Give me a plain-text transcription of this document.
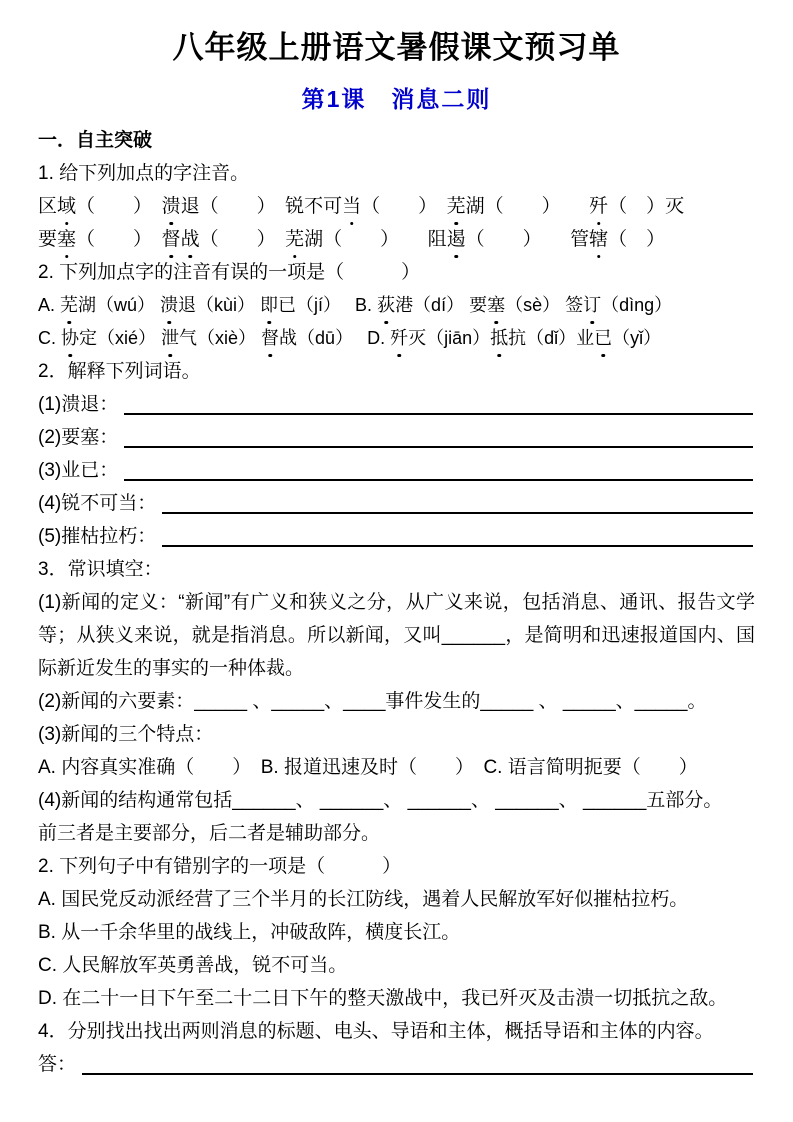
八年级上册语文暑假课文预习单
第1课　消息二则
一．自主突破
1. 给下列加点的字注音。
区域（　　）　溃退（　　）　锐不可当（　　）　芜湖（　　）　　歼（　）灭
要塞（　　）　督战（　　）　芜湖（　　）　　阻遏（　　）　　管辖（　）
2. 下列加点字的注音有误的一项是（　　　）
A. 芜湖（wú） 溃退（kùi） 即已（jí）　 B. 荻港（dí） 要塞（sè） 签订（dìng）
C. 协定（xié） 泄气（xiè） 督战（dū）　 D. 歼灭（jiān）抵抗（dǐ）业已（yǐ）
2．解释下列词语。
(1)溃退：
(2)要塞：
(3)业已：
(4)锐不可当：
(5)摧枯拉朽：
3．常识填空：
(1)新闻的定义：“新闻”有广义和狭义之分，从广义来说，包括消息、通讯、报告文学等；从狭义来说，就是指消息。所以新闻，又叫______，是简明和迅速报道国内、国际新近发生的事实的一种体裁。
(2)新闻的六要素：_____ 、_____、____事件发生的_____ 、 _____、_____。
(3)新闻的三个特点：
A. 内容真实准确（　　）　B. 报道迅速及时（　　）　C. 语言简明扼要（　　）
(4)新闻的结构通常包括______、 ______、 ______、 ______、 ______五部分。
前三者是主要部分，后二者是辅助部分。
2. 下列句子中有错别字的一项是（　　　）
A. 国民党反动派经营了三个半月的长江防线，遇着人民解放军好似摧枯拉朽。
B. 从一千余华里的战线上，冲破敌阵，横度长江。
C. 人民解放军英勇善战，锐不可当。
D. 在二十一日下午至二十二日下午的整天激战中，我已歼灭及击溃一切抵抗之敌。
4．分别找出找出两则消息的标题、电头、导语和主体，概括导语和主体的内容。
答：
